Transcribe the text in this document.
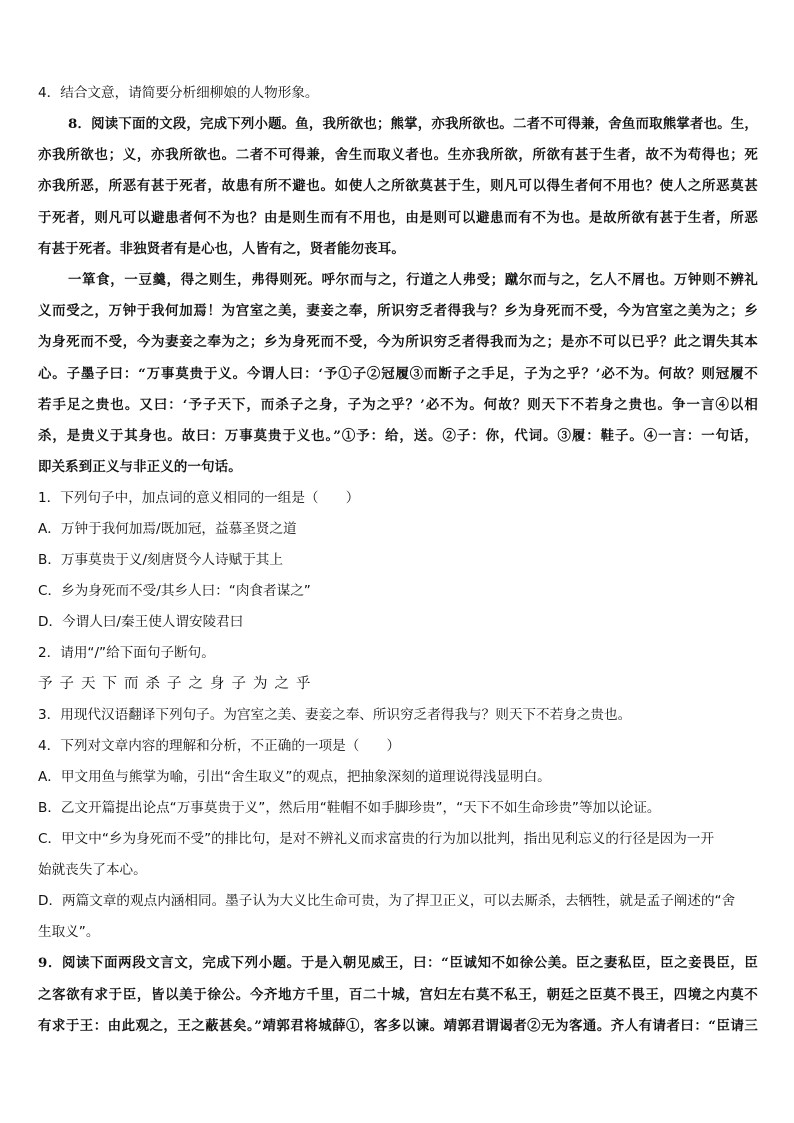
4．结合文意，请简要分析细柳娘的人物形象。
8．阅读下面的文段，完成下列小题。鱼，我所欲也；熊掌，亦我所欲也。二者不可得兼，舍鱼而取熊掌者也。生，
亦我所欲也；义，亦我所欲也。二者不可得兼，舍生而取义者也。生亦我所欲，所欲有甚于生者，故不为苟得也；死
亦我所恶，所恶有甚于死者，故患有所不避也。如使人之所欲莫甚于生，则凡可以得生者何不用也？使人之所恶莫甚
于死者，则凡可以避患者何不为也？由是则生而有不用也，由是则可以避患而有不为也。是故所欲有甚于生者，所恶
有甚于死者。非独贤者有是心也，人皆有之，贤者能勿丧耳。
一箪食，一豆羹，得之则生，弗得则死。呼尔而与之，行道之人弗受；蹴尔而与之，乞人不屑也。万钟则不辨礼
义而受之，万钟于我何加焉！为宫室之美，妻妾之奉，所识穷乏者得我与？乡为身死而不受，今为宫室之美为之；乡
为身死而不受，今为妻妾之奉为之；乡为身死而不受，今为所识穷乏者得我而为之；是亦不可以已乎？此之谓失其本
心。子墨子曰：“万事莫贵于义。今谓人曰：‘予①子②冠履③而断子之手足，子为之乎？’必不为。何故？则冠履不
若手足之贵也。又曰：‘予子天下，而杀子之身，子为之乎？’必不为。何故？则天下不若身之贵也。争一言④以相
杀，是贵义于其身也。故曰：万事莫贵于义也。”①予：给，送。②子：你，代词。③履：鞋子。④一言：一句话，
即关系到正义与非正义的一句话。
1．下列句子中，加点词的意义相同的一组是（　　）
A．万钟于我何加焉/既加冠，益慕圣贤之道
B．万事莫贵于义/刻唐贤今人诗赋于其上
C．乡为身死而不受/其乡人曰：“肉食者谋之”
D．今谓人曰/秦王使人谓安陵君曰
2．请用“/”给下面句子断句。
予子天下而杀子之身子为之乎
3．用现代汉语翻译下列句子。为宫室之美、妻妾之奉、所识穷乏者得我与？则天下不若身之贵也。
4．下列对文章内容的理解和分析，不正确的一项是（　　）
A．甲文用鱼与熊掌为喻，引出“舍生取义”的观点，把抽象深刻的道理说得浅显明白。
B．乙文开篇提出论点“万事莫贵于义”，然后用“鞋帽不如手脚珍贵”，“天下不如生命珍贵”等加以论证。
C．甲文中“乡为身死而不受”的排比句，是对不辨礼义而求富贵的行为加以批判，指出见利忘义的行径是因为一开
始就丧失了本心。
D．两篇文章的观点内涵相同。墨子认为大义比生命可贵，为了捍卫正义，可以去厮杀，去牺牲，就是孟子阐述的“舍
生取义”。
9．阅读下面两段文言文，完成下列小题。于是入朝见威王，曰：“臣诚知不如徐公美。臣之妻私臣，臣之妾畏臣，臣
之客欲有求于臣，皆以美于徐公。今齐地方千里，百二十城，宫妇左右莫不私王，朝廷之臣莫不畏王，四境之内莫不
有求于王：由此观之，王之蔽甚矣。”靖郭君将城薛①，客多以谏。靖郭君谓谒者②无为客通。齐人有请者曰：“臣请三
